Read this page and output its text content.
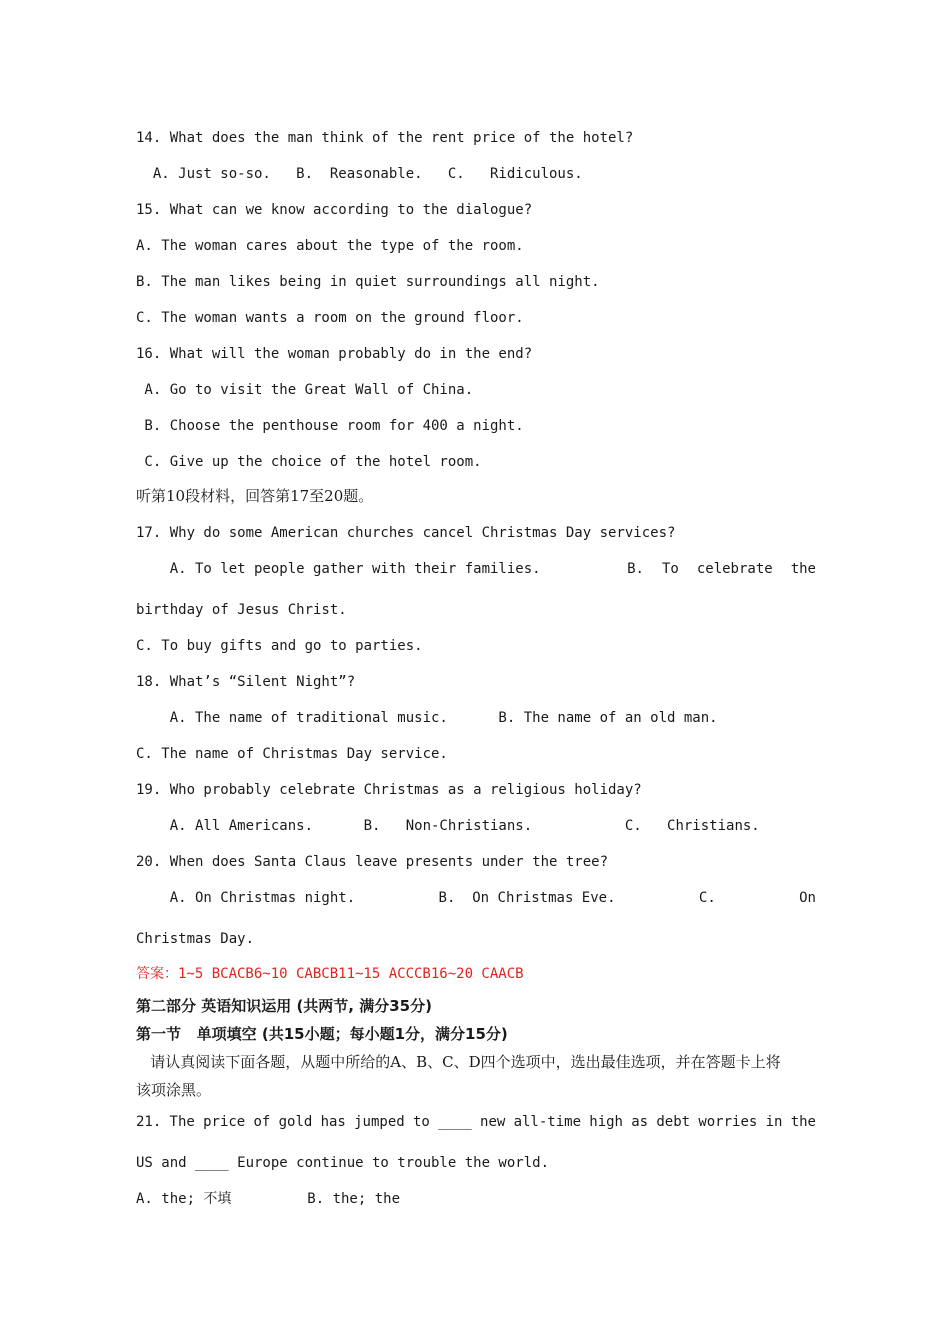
14. What does the man think of the rent price of the hotel?
A. Just so-so.   B.  Reasonable.   C.   Ridiculous.
15. What can we know according to the dialogue?
A. The woman cares about the type of the room.
B. The man likes being in quiet surroundings all night.
C. The woman wants a room on the ground floor.
16. What will the woman probably do in the end?
A. Go to visit the Great Wall of China.
B. Choose the penthouse room for 400 a night.
C. Give up the choice of the hotel room.
听第10段材料，回答第17至20题。
17. Why do some American churches cancel Christmas Day services?
A. To let people gather with their families.	B. To celebrate the
birthday of Jesus Christ.
C. To buy gifts and go to parties.
18. What’s “Silent Night”?
A. The name of traditional music.      B. The name of an old man.
C. The name of Christmas Day service.
19. Who probably celebrate Christmas as a religious holiday?
A. All Americans.      B.   Non-Christians.           C.   Christians.
20. When does Santa Claus leave presents under the tree?
A. On Christmas night.	B.  On Christmas Eve.	C.	On
Christmas Day.
答案：1~5 BCACB6~10 CABCB11~15 ACCCB16~20 CAACB
第二部分 英语知识运用 (共两节, 满分35分)
第一节   单项填空 (共15小题；每小题1分，满分15分)
请认真阅读下面各题，从题中所给的A、B、C、D四个选项中，选出最佳选项，并在答题卡上将
该项涂黑。
21. The price of gold has jumped to ____ new all-time high as debt worries in the
US and ____ Europe continue to trouble the world.
A. the; 不填         B. the; the
